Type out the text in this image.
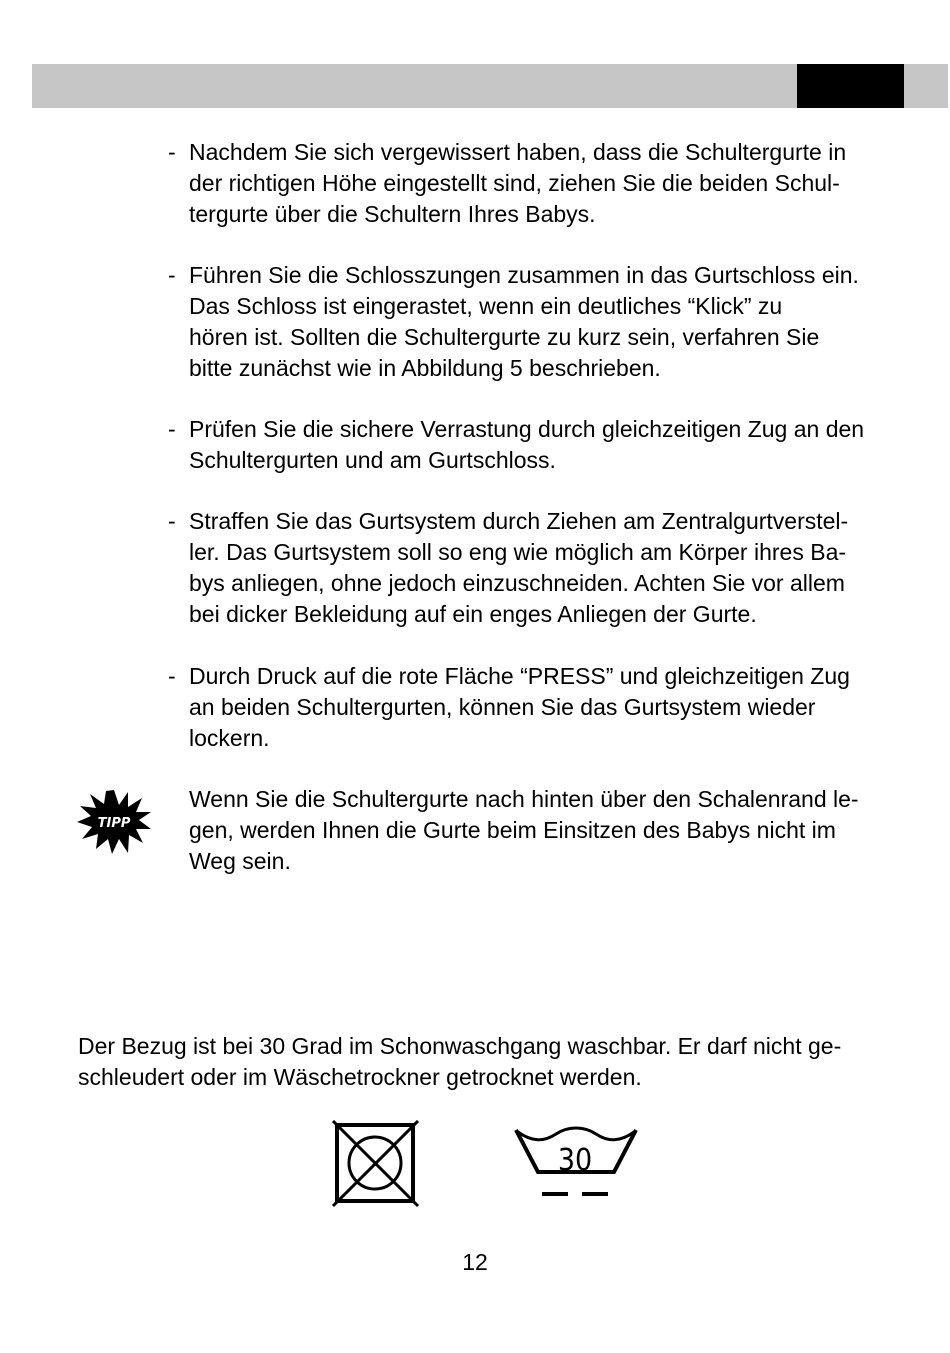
- Nachdem Sie sich vergewissert haben, dass die Schultergurte in
der richtigen Höhe eingestellt sind, ziehen Sie die beiden Schul-
tergurte über die Schultern Ihres Babys.
- Führen Sie die Schlosszungen zusammen in das Gurtschloss ein.
Das Schloss ist eingerastet, wenn ein deutliches “Klick” zu
hören ist. Sollten die Schultergurte zu kurz sein, verfahren Sie
bitte zunächst wie in Abbildung 5 beschrieben.
- Prüfen Sie die sichere Verrastung durch gleichzeitigen Zug an den
Schultergurten und am Gurtschloss.
- Straffen Sie das Gurtsystem durch Ziehen am Zentralgurtverstel-
ler. Das Gurtsystem soll so eng wie möglich am Körper ihres Ba-
bys anliegen, ohne jedoch einzuschneiden. Achten Sie vor allem
bei dicker Bekleidung auf ein enges Anliegen der Gurte.
- Durch Druck auf die rote Fläche “PRESS” und gleichzeitigen Zug
an beiden Schultergurten, können Sie das Gurtsystem wieder
lockern.
TIPP
Wenn Sie die Schultergurte nach hinten über den Schalenrand le-
gen, werden Ihnen die Gurte beim Einsitzen des Babys nicht im
Weg sein.
Der Bezug ist bei 30 Grad im Schonwaschgang waschbar. Er darf nicht ge-
schleudert oder im Wäschetrockner getrocknet werden.
30
12
